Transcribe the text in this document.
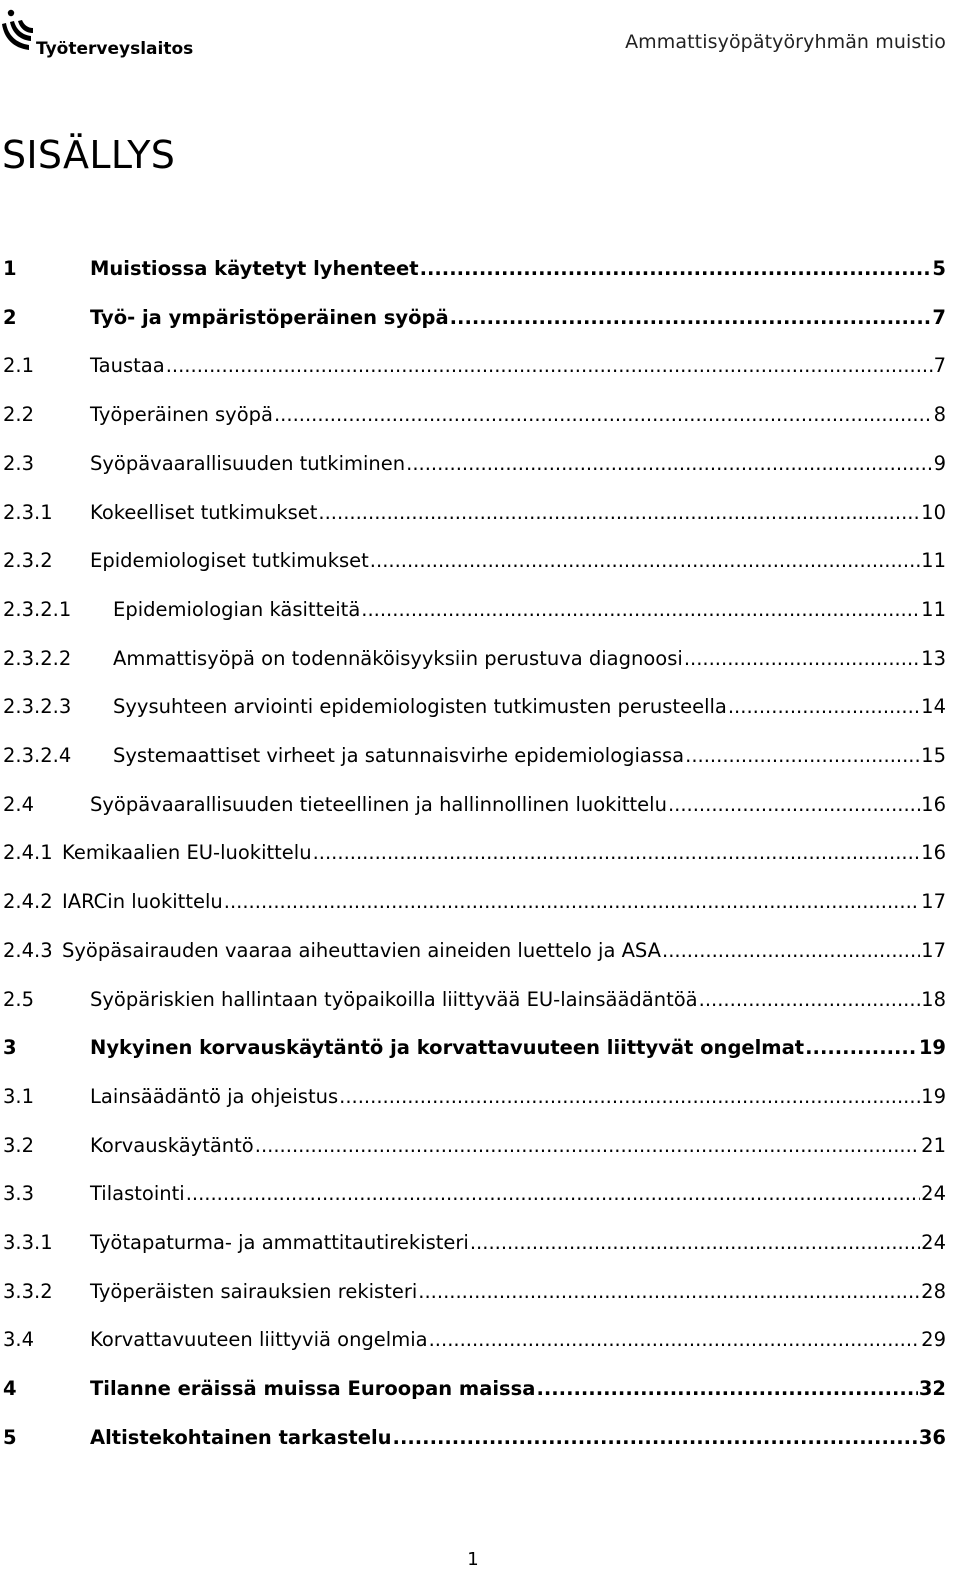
Työterveyslaitos	Ammattisyöpätyöryhmän muistio
SISÄLLYS
1	Muistiossa käytetyt lyhenteet .....	5
2	Työ- ja ympäristöperäinen syöpä .....	7
2.1	Taustaa .....	7
2.2	Työperäinen syöpä .....	8
2.3	Syöpävaarallisuuden tutkiminen .....	9
2.3.1 Kokeelliset tutkimukset .....	10
2.3.2 Epidemiologiset tutkimukset .....	11
2.3.2.1 Epidemiologian käsitteitä .....	11
2.3.2.2 Ammattisyöpä on todennäköisyyksiin perustuva diagnoosi .....	13
2.3.2.3 Syysuhteen arviointi epidemiologisten tutkimusten perusteella .....	14
2.3.2.4 Systemaattiset virheet ja satunnaisvirhe epidemiologiassa .....	15
2.4	Syöpävaarallisuuden tieteellinen ja hallinnollinen luokittelu .....	16
2.4.1 Kemikaalien EU-luokittelu .....	16
2.4.2 IARCin luokittelu .....	17
2.4.3 Syöpäsairauden vaaraa aiheuttavien aineiden luettelo ja ASA .....	17
2.5	Syöpäriskien hallintaan työpaikoilla liittyvää EU-lainsäädäntöä .....	18
3	Nykyinen korvauskäytäntö ja korvattavuuteen liittyvät ongelmat .....	19
3.1	Lainsäädäntö ja ohjeistus .....	19
3.2	Korvauskäytäntö .....	21
3.3	Tilastointi .....	24
3.3.1 Työtapaturma- ja ammattitautirekisteri .....	24
3.3.2 Työperäisten sairauksien rekisteri .....	28
3.4	Korvattavuuteen liittyviä ongelmia .....	29
4	Tilanne eräissä muissa Euroopan maissa .....	32
5	Altistekohtainen tarkastelu .....	36
1
